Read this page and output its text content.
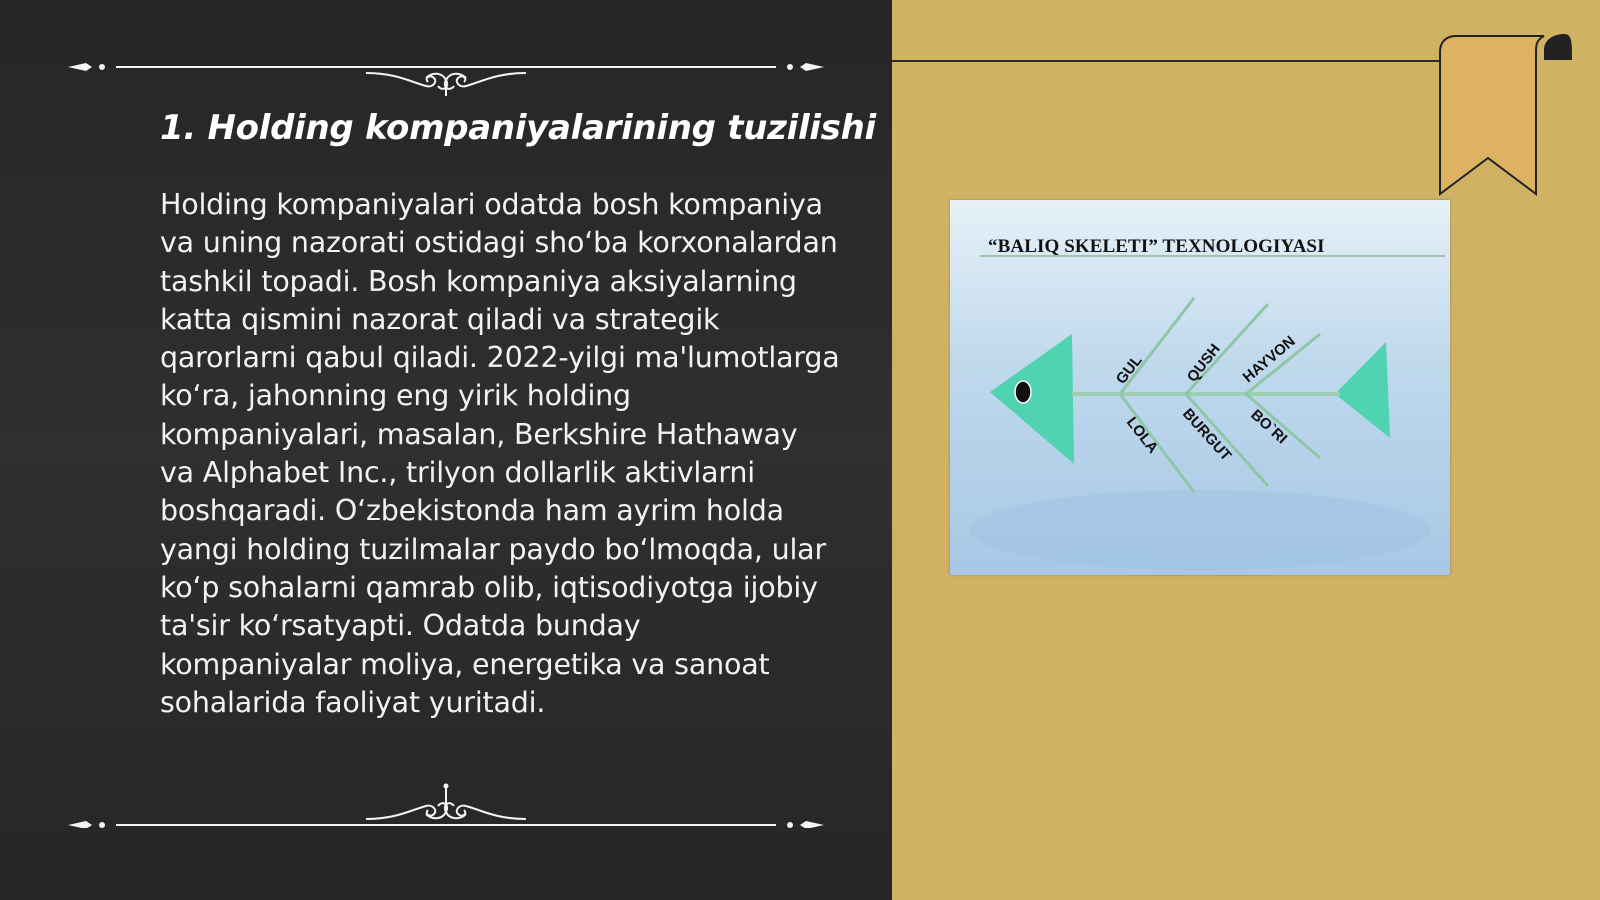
1. Holding kompaniyalarining tuzilishi

Holding kompaniyalari odatda bosh kompaniya va uning nazorati ostidagi sho‘ba korxonalardan tashkil topadi. Bosh kompaniya aksiyalarning katta qismini nazorat qiladi va strategik qarorlarni qabul qiladi. 2022-yilgi ma'lumotlarga ko‘ra, jahonning eng yirik holding kompaniyalari, masalan, Berkshire Hathaway va Alphabet Inc., trilyon dollarlik aktivlarni boshqaradi. O‘zbekistonda ham ayrim holda yangi holding tuzilmalar paydo bo‘lmoqda, ular ko‘p sohalarni qamrab olib, iqtisodiyotga ijobiy ta'sir ko‘rsatyapti. Odatda bunday kompaniyalar moliya, energetika va sanoat sohalarida faoliyat yuritadi.

“BALIQ SKELETI” TEXNOLOGIYASI

GUL	QUSH HAYVON
LOLA BURGUT BO`RI
